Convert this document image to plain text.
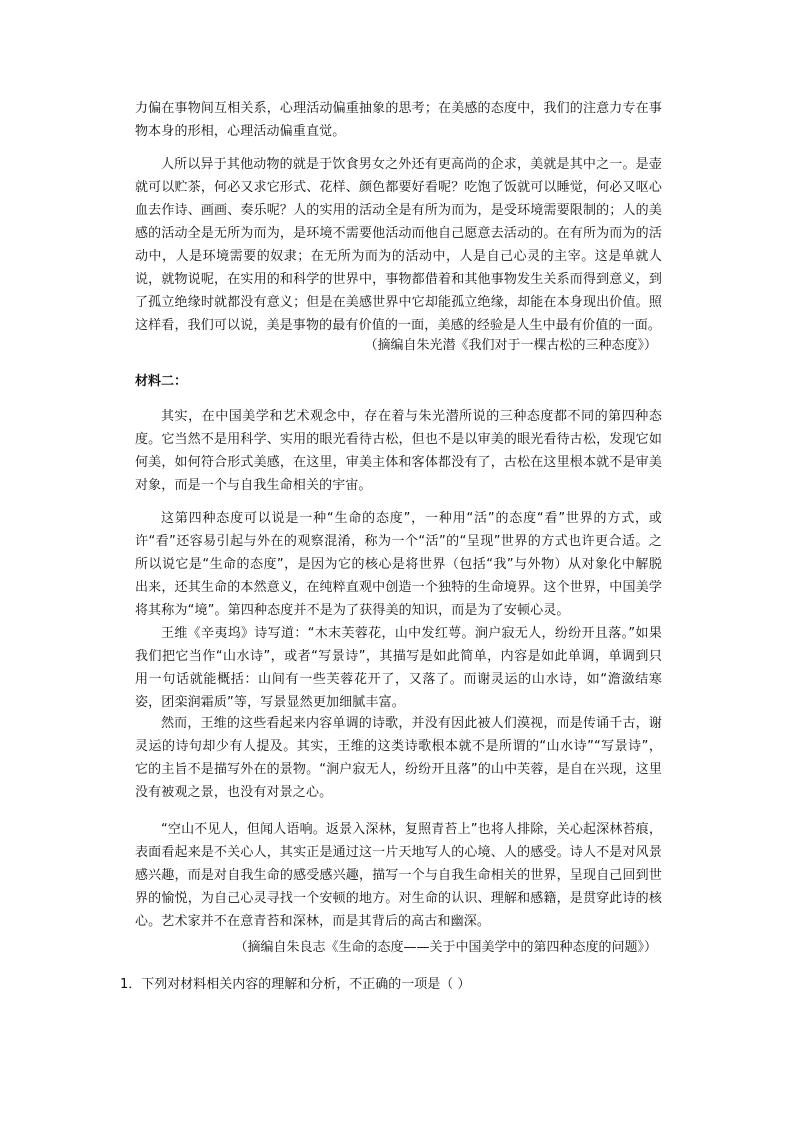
力偏在事物间互相关系，心理活动偏重抽象的思考；在美感的态度中，我们的注意力专在事物本身的形相，心理活动偏重直觉。

人所以异于其他动物的就是于饮食男女之外还有更高尚的企求，美就是其中之一。是壶就可以贮茶，何必又求它形式、花样、颜色都要好看呢？吃饱了饭就可以睡觉，何必又呕心血去作诗、画画、奏乐呢？人的实用的活动全是有所为而为，是受环境需要限制的；人的美感的活动全是无所为而为，是环境不需要他活动而他自己愿意去活动的。在有所为而为的活动中，人是环境需要的奴隶；在无所为而为的活动中，人是自己心灵的主宰。这是单就人说，就物说呢，在实用的和科学的世界中，事物都借着和其他事物发生关系而得到意义，到了孤立绝缘时就都没有意义；但是在美感世界中它却能孤立绝缘，却能在本身现出价值。照这样看，我们可以说，美是事物的最有价值的一面，美感的经验是人生中最有价值的一面。

（摘编自朱光潜《我们对于一棵古松的三种态度》）

材料二：

其实，在中国美学和艺术观念中，存在着与朱光潜所说的三种态度都不同的第四种态度。它当然不是用科学、实用的眼光看待古松，但也不是以审美的眼光看待古松，发现它如何美，如何符合形式美感，在这里，审美主体和客体都没有了，古松在这里根本就不是审美对象，而是一个与自我生命相关的宇宙。

这第四种态度可以说是一种“生命的态度”，一种用“活”的态度“看”世界的方式，或许“看”还容易引起与外在的观察混淆，称为一个“活”的“呈现”世界的方式也许更合适。之所以说它是“生命的态度”，是因为它的核心是将世界（包括“我”与外物）从对象化中解脱出来，还其生命的本然意义，在纯粹直观中创造一个独特的生命境界。这个世界，中国美学将其称为“境”。第四种态度并不是为了获得美的知识，而是为了安顿心灵。

王维《辛夷坞》诗写道：“木末芙蓉花，山中发红萼。涧户寂无人，纷纷开且落。”如果我们把它当作“山水诗”，或者“写景诗”，其描写是如此简单，内容是如此单调，单调到只用一句话就能概括：山间有一些芙蓉花开了，又落了。而谢灵运的山水诗，如“澹潋结寒姿，团栾润霜质”等，写景显然更加细腻丰富。

然而，王维的这些看起来内容单调的诗歌，并没有因此被人们漠视，而是传诵千古，谢灵运的诗句却少有人提及。其实，王维的这类诗歌根本就不是所谓的“山水诗”“写景诗”，它的主旨不是描写外在的景物。“涧户寂无人，纷纷开且落”的山中芙蓉，是自在兴现，这里没有被观之景，也没有对景之心。

“空山不见人，但闻人语响。返景入深林，复照青苔上”也将人排除，关心起深林苔痕，表面看起来是不关心人，其实正是通过这一片天地写人的心境、人的感受。诗人不是对风景感兴趣，而是对自我生命的感受感兴趣，描写一个与自我生命相关的世界，呈现自己回到世界的愉悦，为自己心灵寻找一个安顿的地方。对生命的认识、理解和感籍，是贯穿此诗的核心。艺术家并不在意青苔和深林，而是其背后的高古和幽深。

（摘编自朱良志《生命的态度——关于中国美学中的第四种态度的问题》）

1．下列对材料相关内容的理解和分析，不正确的一项是（ ）
